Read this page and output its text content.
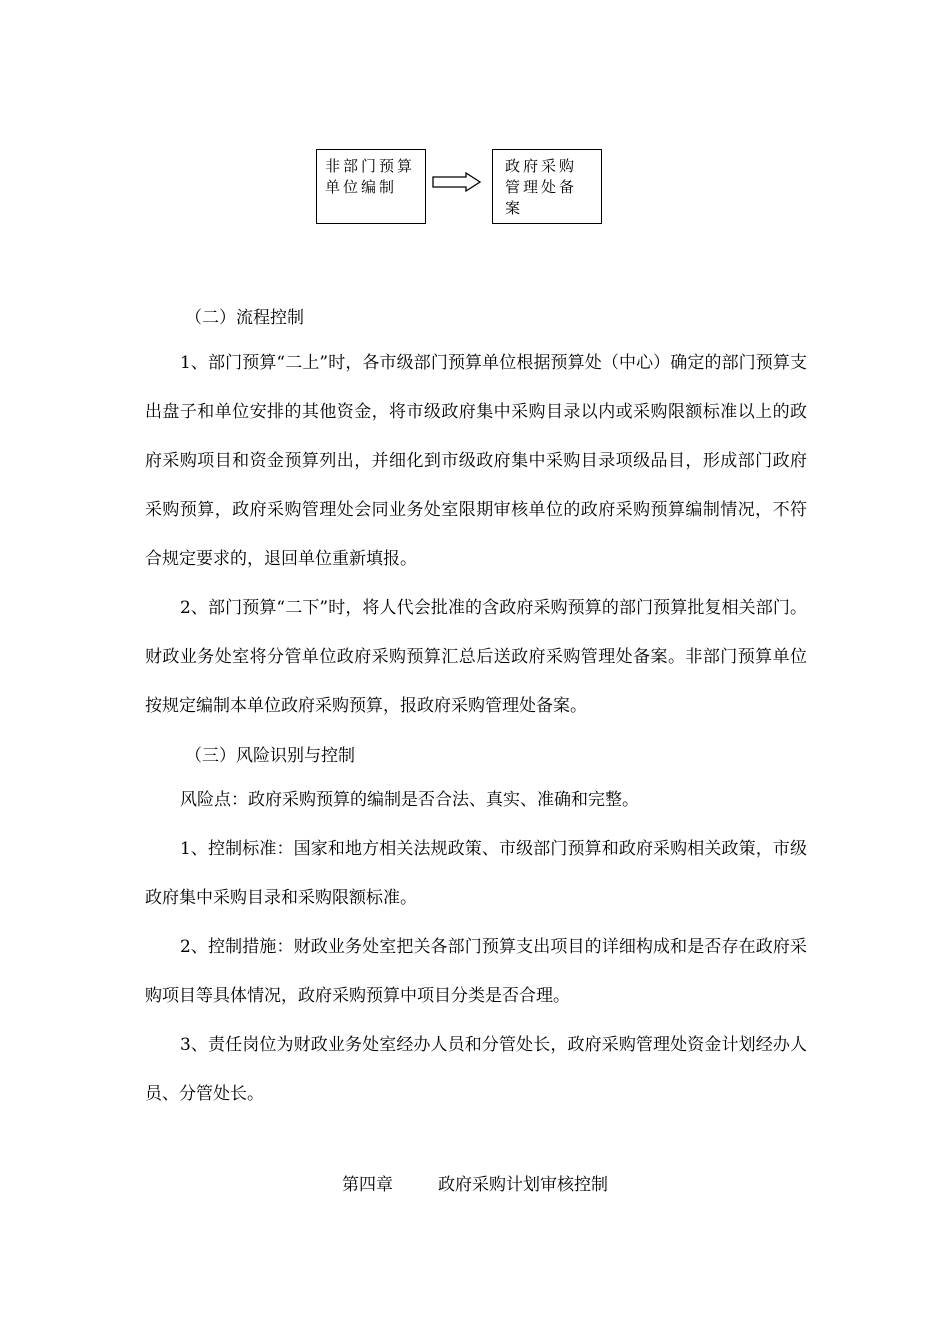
非部门预算
单位编制
政府采购
管理处备案
（二）流程控制
1、部门预算“二上”时，各市级部门预算单位根据预算处（中心）确定的部门预算支出盘子和单位安排的其他资金，将市级政府集中采购目录以内或采购限额标准以上的政府采购项目和资金预算列出，并细化到市级政府集中采购目录项级品目，形成部门政府采购预算，政府采购管理处会同业务处室限期审核单位的政府采购预算编制情况，不符合规定要求的，退回单位重新填报。
2、部门预算“二下”时，将人代会批准的含政府采购预算的部门预算批复相关部门。财政业务处室将分管单位政府采购预算汇总后送政府采购管理处备案。非部门预算单位按规定编制本单位政府采购预算，报政府采购管理处备案。
（三）风险识别与控制
风险点：政府采购预算的编制是否合法、真实、准确和完整。
1、控制标准：国家和地方相关法规政策、市级部门预算和政府采购相关政策，市级政府集中采购目录和采购限额标准。
2、控制措施：财政业务处室把关各部门预算支出项目的详细构成和是否存在政府采购项目等具体情况，政府采购预算中项目分类是否合理。
3、责任岗位为财政业务处室经办人员和分管处长，政府采购管理处资金计划经办人员、分管处长。
第四章	政府采购计划审核控制
